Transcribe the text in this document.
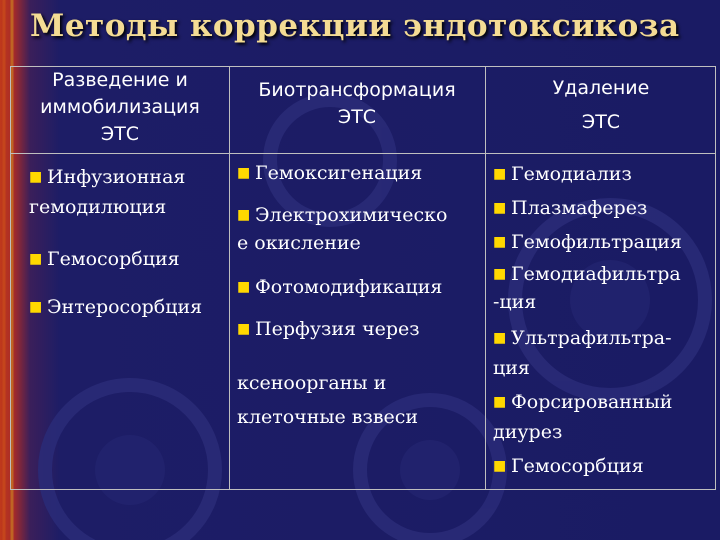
Методы коррекции эндотоксикоза
Разведение и
иммобилизация
ЭТС
Биотрансформация
ЭТС
Удаление
ЭТС
■ Инфузионная
гемодилюция
■ Гемосорбция
■ Энтеросорбция
■ Гемоксигенация
■ Электрохимическо
е окисление
■ Фотомодификация
■ Перфузия через
ксеноорганы и
клеточные взвеси
■ Гемодиализ
■ Плазмаферез
■ Гемофильтрация
■ Гемодиафильтра
-ция
■ Ультрафильтра-
ция
■ Форсированный
диурез
■ Гемосорбция
